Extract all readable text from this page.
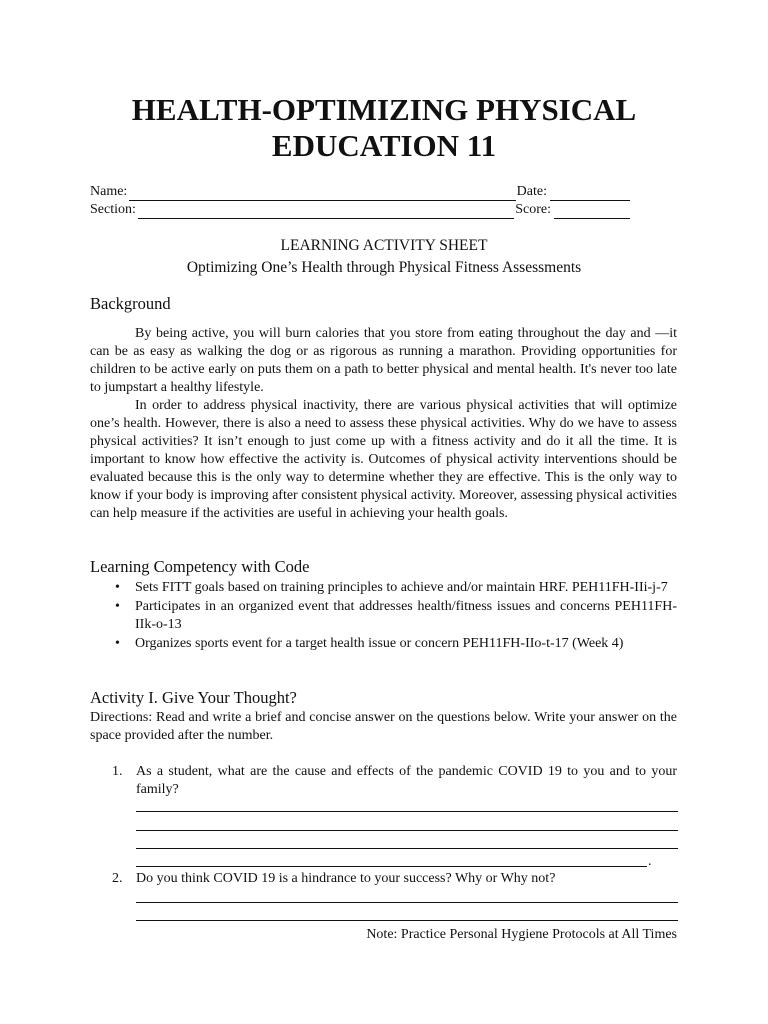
HEALTH-OPTIMIZING PHYSICAL
EDUCATION 11
Name:	Date:
Section:	Score:
LEARNING ACTIVITY SHEET
Optimizing One’s Health through Physical Fitness Assessments
Background

By being active, you will burn calories that you store from eating throughout the day and —it can be as easy as walking the dog or as rigorous as running a marathon. Providing opportunities for children to be active early on puts them on a path to better physical and mental health. It's never too late to jumpstart a healthy lifestyle.

In order to address physical inactivity, there are various physical activities that will optimize one’s health. However, there is also a need to assess these physical activities. Why do we have to assess physical activities? It isn’t enough to just come up with a fitness activity and do it all the time. It is important to know how effective the activity is. Outcomes of physical activity interventions should be evaluated because this is the only way to determine whether they are effective. This is the only way to know if your body is improving after consistent physical activity. Moreover, assessing physical activities can help measure if the activities are useful in achieving your health goals.

Learning Competency with Code
• Sets FITT goals based on training principles to achieve and/or maintain HRF. PEH11FH-IIi-j-7
• Participates in an organized event that addresses health/fitness issues and concerns PEH11FH-IIk-o-13
• Organizes sports event for a target health issue or concern PEH11FH-IIo-t-17 (Week 4)
Activity I. Give Your Thought?

Directions: Read and write a brief and concise answer on the questions below. Write your answer on the space provided after the number.

1. As a student, what are the cause and effects of the pandemic COVID 19 to you and to your family?
.
2. Do you think COVID 19 is a hindrance to your success? Why or Why not?
Note: Practice Personal Hygiene Protocols at All Times
